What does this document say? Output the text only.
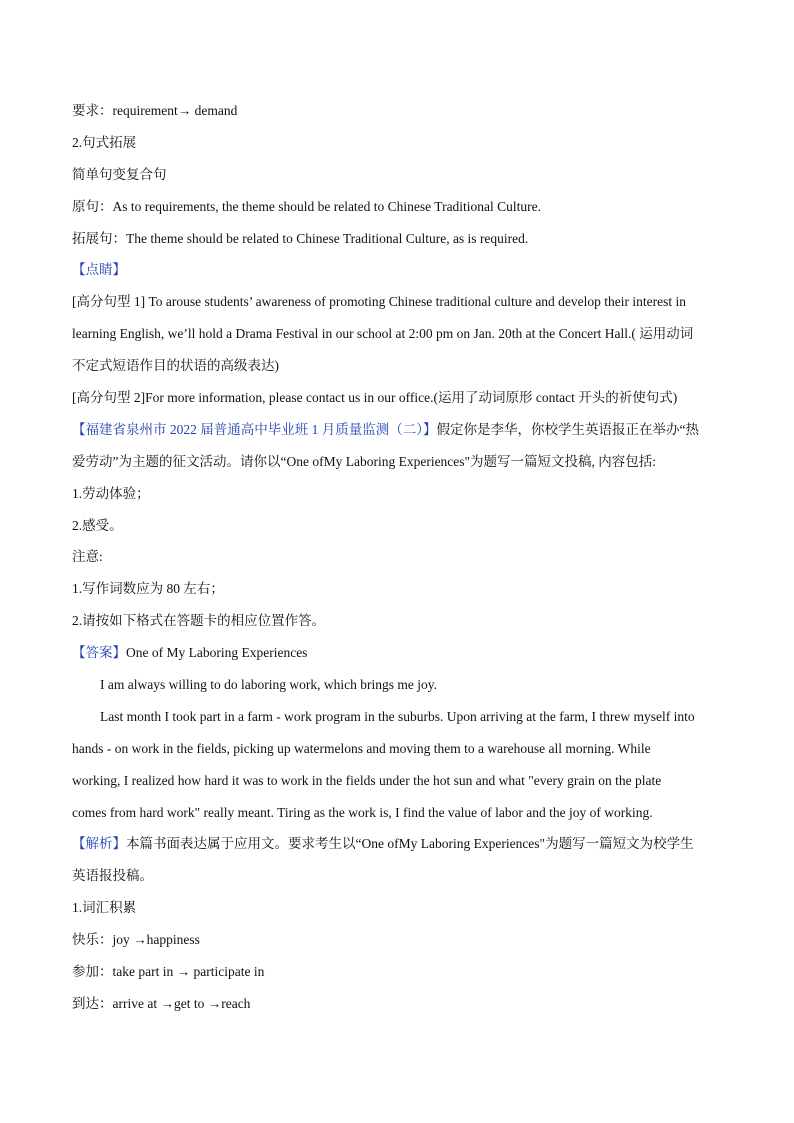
要求：requirement→ demand
2.句式拓展
简单句变复合句
原句：As to requirements, the theme should be related to Chinese Traditional Culture.
拓展句：The theme should be related to Chinese Traditional Culture, as is required.
【点睛】
[高分句型 1] To arouse students’ awareness of promoting Chinese traditional culture and develop their interest in
learning English, we’ll hold a Drama Festival in our school at 2:00 pm on Jan. 20th at the Concert Hall.( 运用动词
不定式短语作目的状语的高级表达)
[高分句型 2]For more information, please contact us in our office.(运用了动词原形 contact 开头的祈使句式)
【福建省泉州市 2022 届普通高中毕业班 1 月质量监测（二）】假定你是李华，你校学生英语报正在举办“热
爱劳动”为主题的征文活动。请你以“One ofMy Laboring Experiences"为题写一篇短文投稿, 内容包括:
1.劳动体验；
2.感受。
注意:
1.写作词数应为 80 左右；
2.请按如下格式在答题卡的相应位置作答。
【答案】One of My Laboring Experiences
I am always willing to do laboring work, which brings me joy.
Last month I took part in a farm - work program in the suburbs. Upon arriving at the farm, I threw myself into
hands - on work in the fields, picking up watermelons and moving them to a warehouse all morning. While
working, I realized how hard it was to work in the fields under the hot sun and what "every grain on the plate
comes from hard work" really meant. Tiring as the work is, I find the value of labor and the joy of working.
【解析】本篇书面表达属于应用文。要求考生以“One ofMy Laboring Experiences"为题写一篇短文为校学生
英语报投稿。
1.词汇积累
快乐：joy →happiness
参加：take part in → participate in
到达：arrive at →get to →reach
